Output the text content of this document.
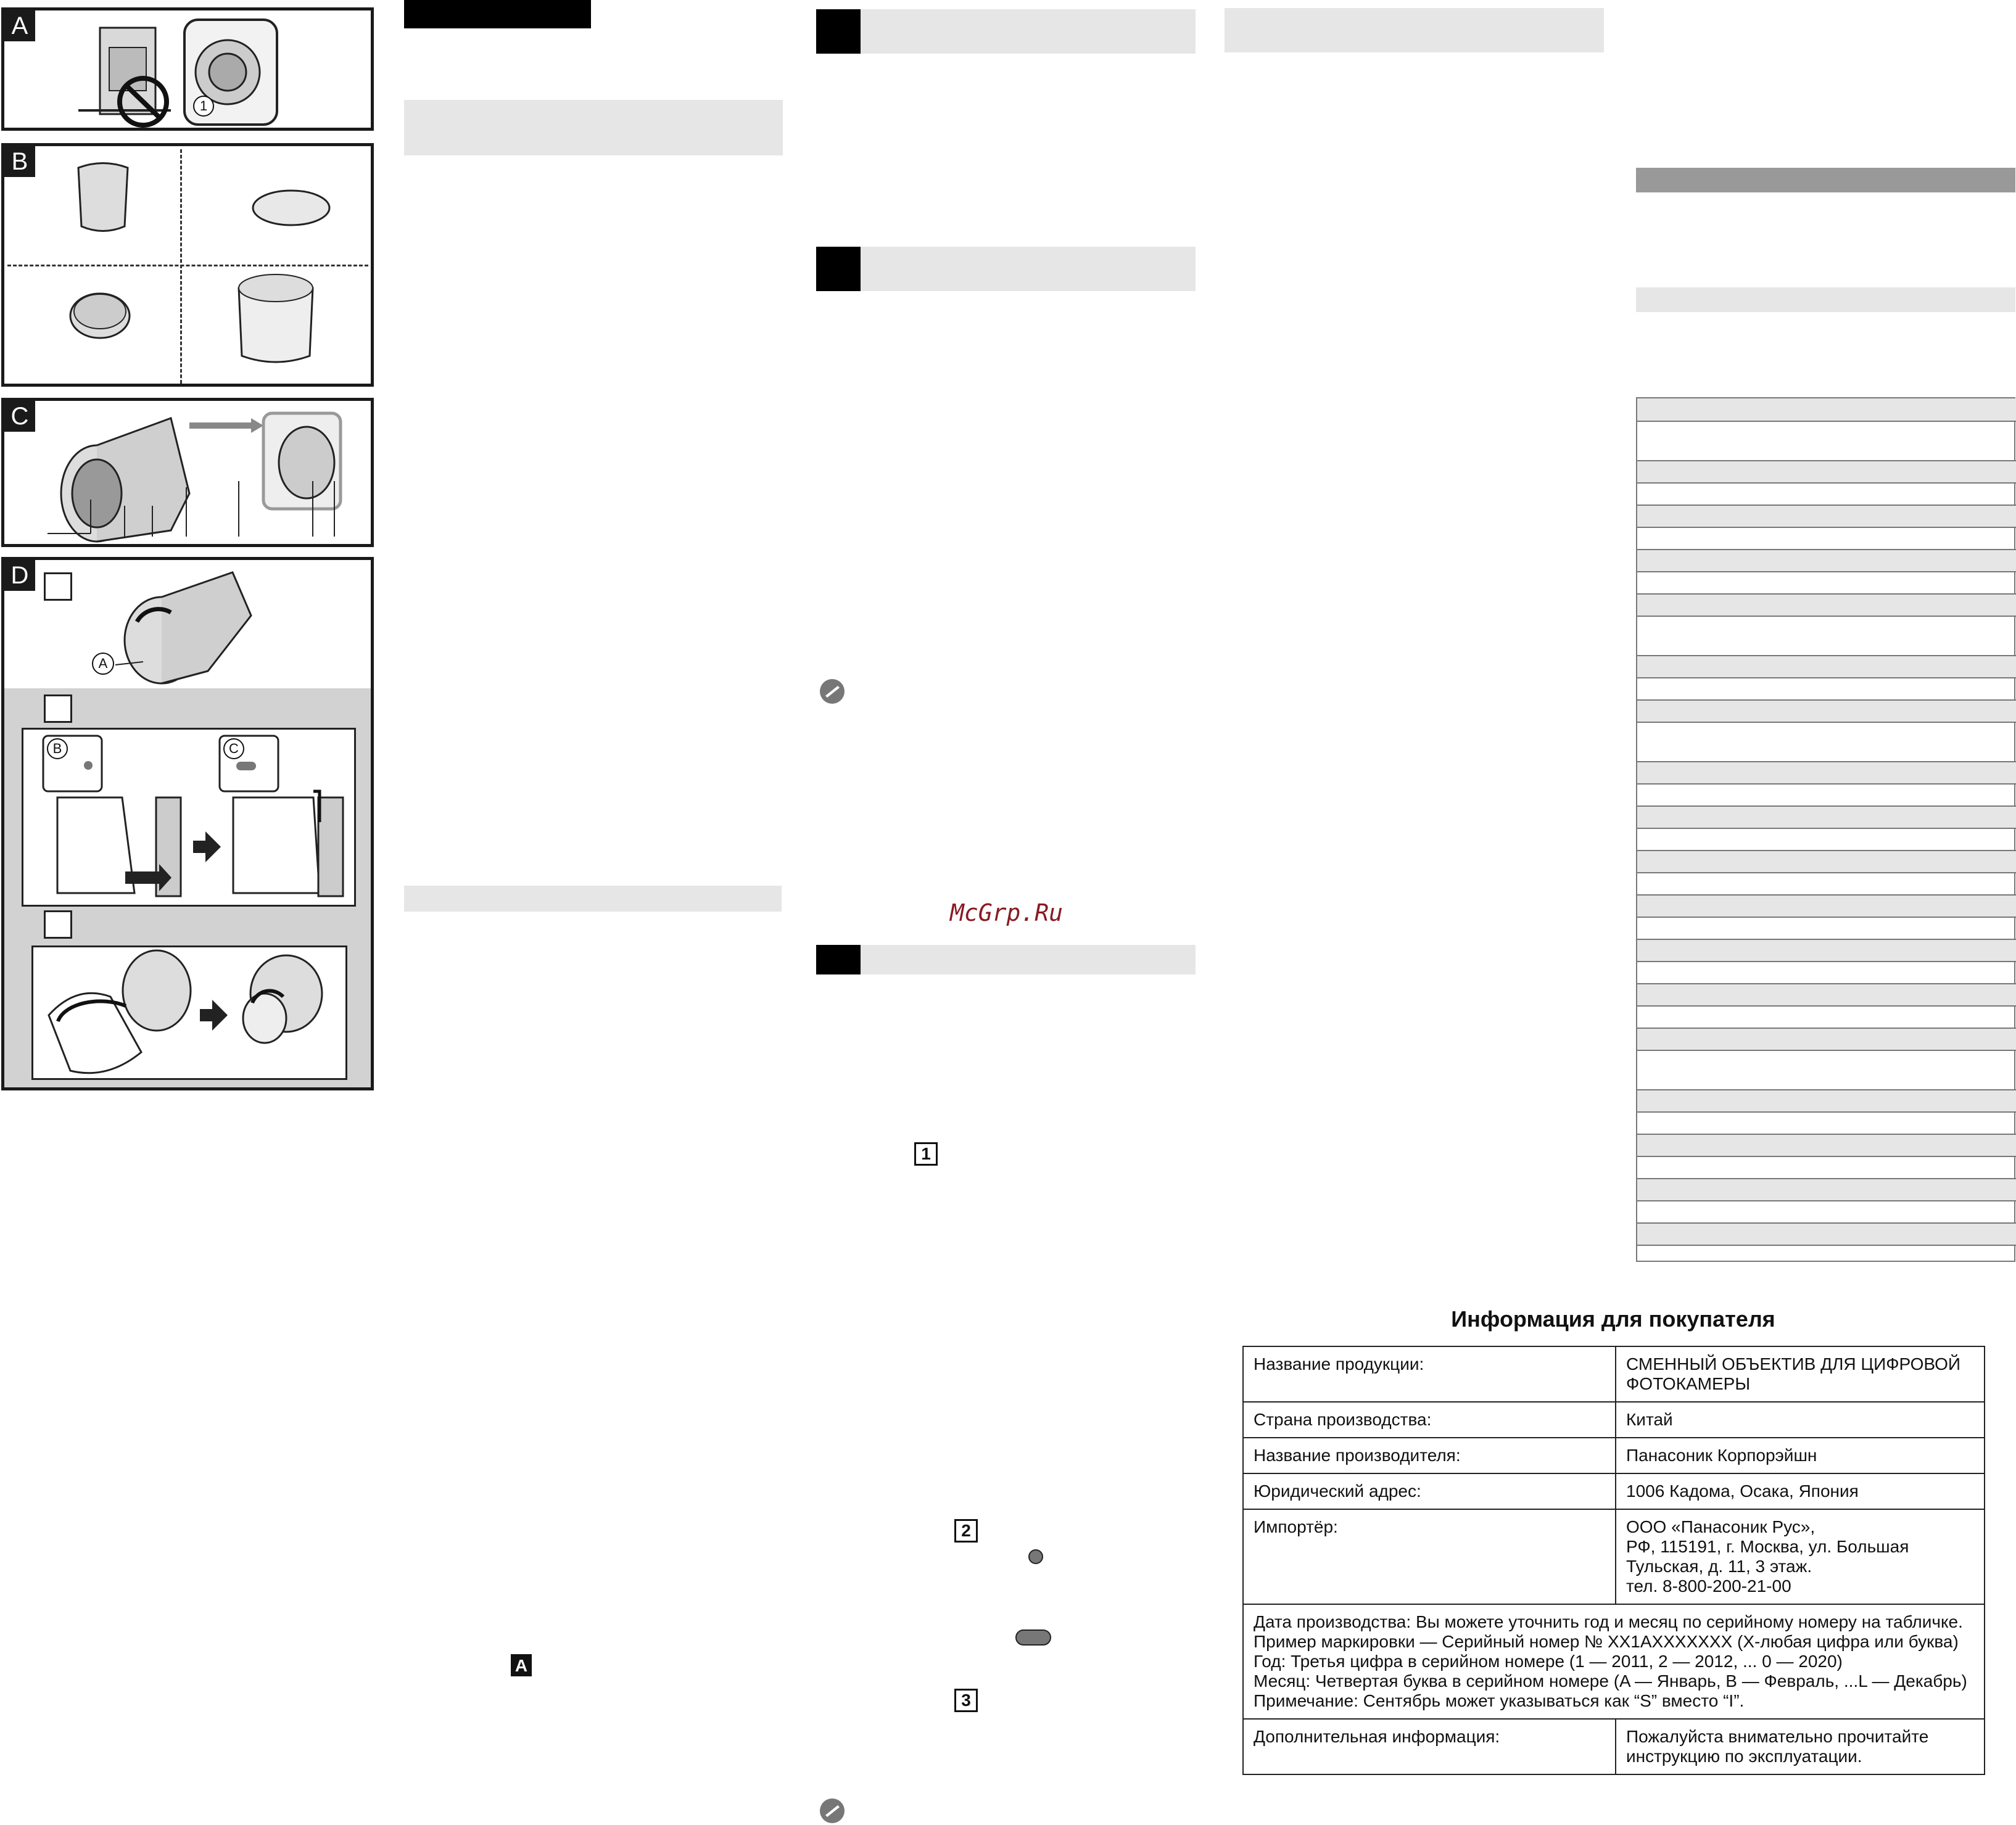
A
1
B
C
D
A
B	C
A
McGrp.Ru
1
2
3
Информация для покупателя
Название продукции:	СМЕННЫЙ ОБЪЕКТИВ ДЛЯ ЦИФРОВОЙ ФОТОКАМЕРЫ
Страна производства:	Китай
Название производителя:	Панасоник Корпорэйшн
Юридический адрес:	1006 Кадома, Осака, Япония
Импортёр:	ООО «Панасоник Рус»,
РФ, 115191, г. Москва, ул. Большая
Тульская, д. 11, 3 этаж.
тел. 8-800-200-21-00

Дата производства: Вы можете уточнить год и месяц по серийному номеру на табличке.
Пример маркировки — Серийный номер № XX1AXXXXXXX (X-любая цифра или буква)
Год: Третья цифра в серийном номере (1 — 2011, 2 — 2012, ... 0 — 2020)
Месяц: Четвертая буква в серийном номере (A — Январь, B — Февраль, ...L — Декабрь)
Примечание: Сентябрь может указываться как “S” вместо “I”.	

Дополнительная информация:	Пожалуйста внимательно прочитайте инструкцию по эксплуатации.
